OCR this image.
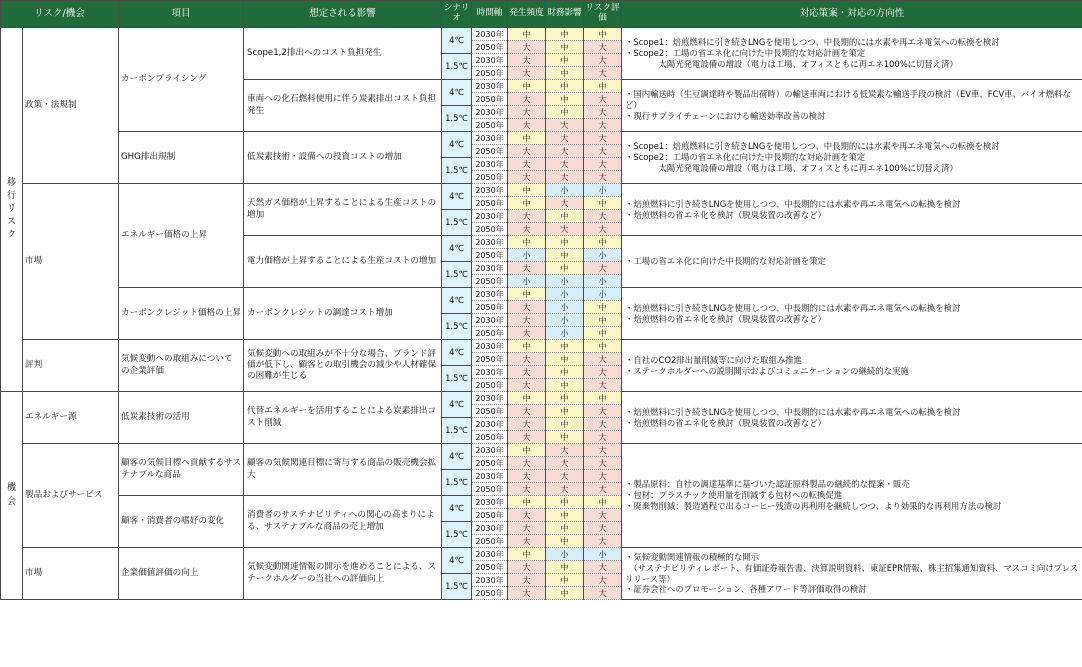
リスク/機会		項目	想定される影響	シナリオ	時間軸	発生頻度	財務影響	リスク評価	対応策案・対応の方向性

移行リスク	政策・法規制	カーボンプライシング	Scope1,2排出へのコスト負担発生	4℃	2030年	中	中	中	・Scope1：焙煎燃料に引き続きLNGを使用しつつ、中長期的には水素や再エネ電気への転換を検討
・Scope2：工場の省エネ化に向けた中長期的な対応計画を策定
　　　　太陽光発電設備の増設（電力は工場、オフィスともに再エネ100%に切替え済）

					2050年	大	中	大	
				1.5℃	2030年	大	中	大	
					2050年	大	中	大	
			車両への化石燃料使用に伴う炭素排出コスト負担発生	4℃	2030年	中	中	中	・国内輸送時（生豆調達時や製品出荷時）の輸送車両における低炭素な輸送手段の検討（EV車、FCV車、バイオ燃料など）
・現行サプライチェーンにおける輸送効率改善の検討

					2050年	大	中	大	
				1.5℃	2030年	大	中	大	
					2050年	大	大	大	
		GHG排出規制	低炭素技術・設備への投資コストの増加	4℃	2030年	中	大	大	・Scope1：焙煎燃料に引き続きLNGを使用しつつ、中長期的には水素や再エネ電気への転換を検討
・Scope2：工場の省エネ化に向けた中長期的な対応計画を策定
　　　　太陽光発電設備の増設（電力は工場、オフィスともに再エネ100%に切替え済）

					2050年	大	大	大	
				1.5℃	2030年	大	大	大	
					2050年	大	大	大	
	市場	エネルギー価格の上昇	天然ガス価格が上昇することによる生産コストの増加	4℃	2030年	中	小	小	・焙煎燃料に引き続きLNGを使用しつつ、中長期的には水素や再エネ電気への転換を検討
・焙煎燃料の省エネ化を検討（脱臭装置の改善など）

					2050年	中	大	中	
				1.5℃	2030年	大	中	大	
					2050年	大	大	大	
			電力価格が上昇することによる生産コストの増加	4℃	2030年	中	中	中	・工場の省エネ化に向けた中長期的な対応計画を策定

					2050年	小	中	小	
				1.5℃	2030年	大	中	大	
					2050年	小	小	小	
		カーボンクレジット価格の上昇	カーボンクレジットの調達コスト増加	4℃	2030年	中	小	小	・焙煎燃料に引き続きLNGを使用しつつ、中長期的には水素や再エネ電気への転換を検討
・焙煎燃料の省エネ化を検討（脱臭装置の改善など）

					2050年	大	小	中	
				1.5℃	2030年	大	小	中	
					2050年	大	小	中	
	評判	気候変動への取組みについての企業評価	気候変動への取組みが不十分な場合、ブランド評価が低下し、顧客との取引機会の減少や人材確保の困難が生じる	4℃	2030年	中	中	中	・自社のCO2排出量削減等に向けた取組み推進
・ステークホルダーへの説明開示およびコミュニケーションの継続的な実施

					2050年	大	中	大	
				1.5℃	2030年	大	中	大	
					2050年	大	中	大	

機会	エネルギー源	低炭素技術の活用	代替エネルギーを活用することによる炭素排出コスト削減	4℃	2030年	中	中	中	・焙煎燃料に引き続きLNGを使用しつつ、中長期的には水素や再エネ電気への転換を検討
・焙煎燃料の省エネ化を検討（脱臭装置の改善など）

					2050年	大	中	大	
				1.5℃	2030年	大	中	大	
					2050年	大	中	大	
	製品およびサービス	顧客の気候目標へ貢献するサステナブルな商品	顧客の気候関連目標に寄与する商品の販売機会拡大	4℃	2030年	中	大	大	・製品原料：自社の調達基準に基づいた認証原料製品の継続的な提案・販売
・包材：プラスチック使用量を削減する包材への転換促進
・廃棄物削減：製造過程で出るコーヒー残渣の再利用を継続しつつ、より効果的な再利用方法の検討

					2050年	大	大	大	
				1.5℃	2030年	大	大	大	
					2050年	大	大	大	
		顧客・消費者の嗜好の変化	消費者のサステナビリティへの関心の高まりによる、サステナブルな商品の売上増加	4℃	2030年	中	中	中	
					2050年	大	中	大	
				1.5℃	2030年	大	中	大	
					2050年	大	中	大	
	市場	企業価値評価の向上	気候変動関連情報の開示を進めることによる、ステークホルダーの当社への評価向上	4℃	2030年	中	小	小	・気候変動関連情報の積極的な開示
　（サステナビリティレポート、有価証券報告書、決算説明資料、東証EPR情報、株主招集通知資料、マスコミ向けプレスリリース等）
・証券会社へのプロモーション、各種アワード等評価取得の検討

					2050年	大	中	大	
				1.5℃	2030年	大	中	大	
					2050年	大	中	大	
